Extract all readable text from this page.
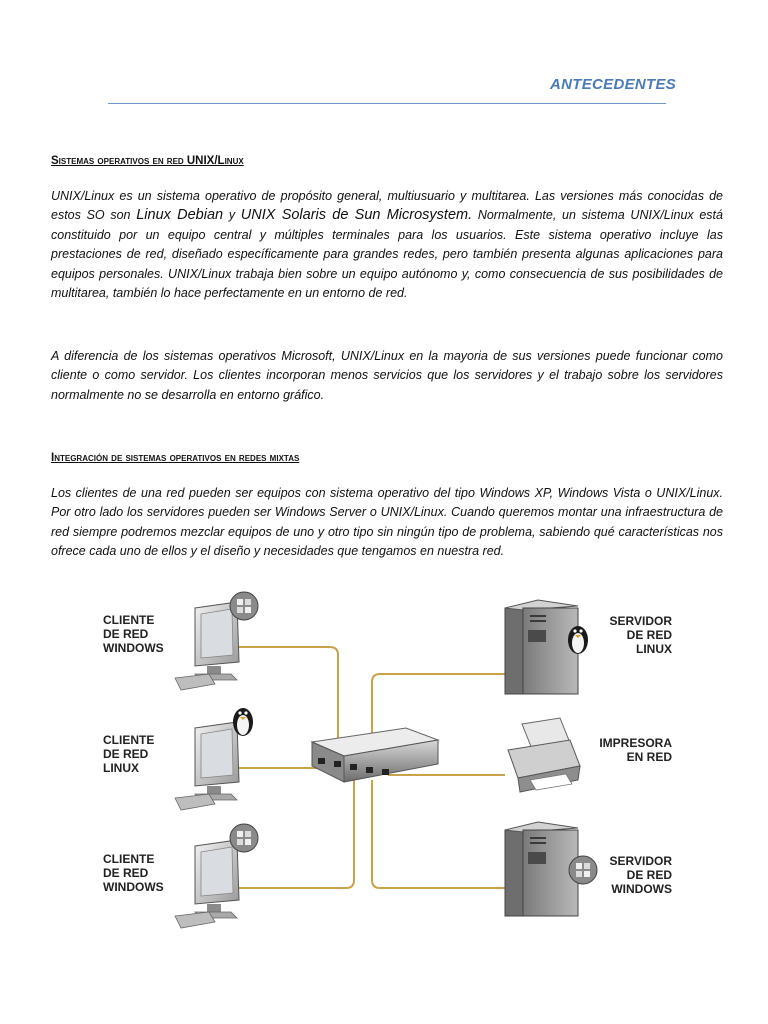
ANTECEDENTES
Sistemas operativos en red UNIX/Linux
UNIX/Linux es un sistema operativo de propósito general, multiusuario y multitarea. Las versiones más conocidas de estos SO son Linux Debian y UNIX Solaris de Sun Microsystem. Normalmente, un sistema UNIX/Linux está constituido por un equipo central y múltiples terminales para los usuarios. Este sistema operativo incluye las prestaciones de red, diseñado específicamente para grandes redes, pero también presenta algunas aplicaciones para equipos personales. UNIX/Linux trabaja bien sobre un equipo autónomo y, como consecuencia de sus posibilidades de multitarea, también lo hace perfectamente en un entorno de red.
A diferencia de los sistemas operativos Microsoft, UNIX/Linux en la mayoria de sus versiones puede funcionar como cliente o como servidor. Los clientes incorporan menos servicios que los servidores y el trabajo sobre los servidores normalmente no se desarrolla en entorno gráfico.
Integración de sistemas operativos en redes mixtas
Los clientes de una red pueden ser equipos con sistema operativo del tipo Windows XP, Windows Vista o UNIX/Linux. Por otro lado los servidores pueden ser Windows Server o UNIX/Linux. Cuando queremos montar una infraestructura de red siempre podremos mezclar equipos de uno y otro tipo sin ningún tipo de problema, sabiendo qué características nos ofrece cada uno de ellos y el diseño y necesidades que tengamos en nuestra red.
CLIENTE
DE RED
WINDOWS
CLIENTE
DE RED
LINUX
CLIENTE
DE RED
WINDOWS
SERVIDOR
DE RED
LINUX
IMPRESORA
EN RED
SERVIDOR
DE RED
WINDOWS
